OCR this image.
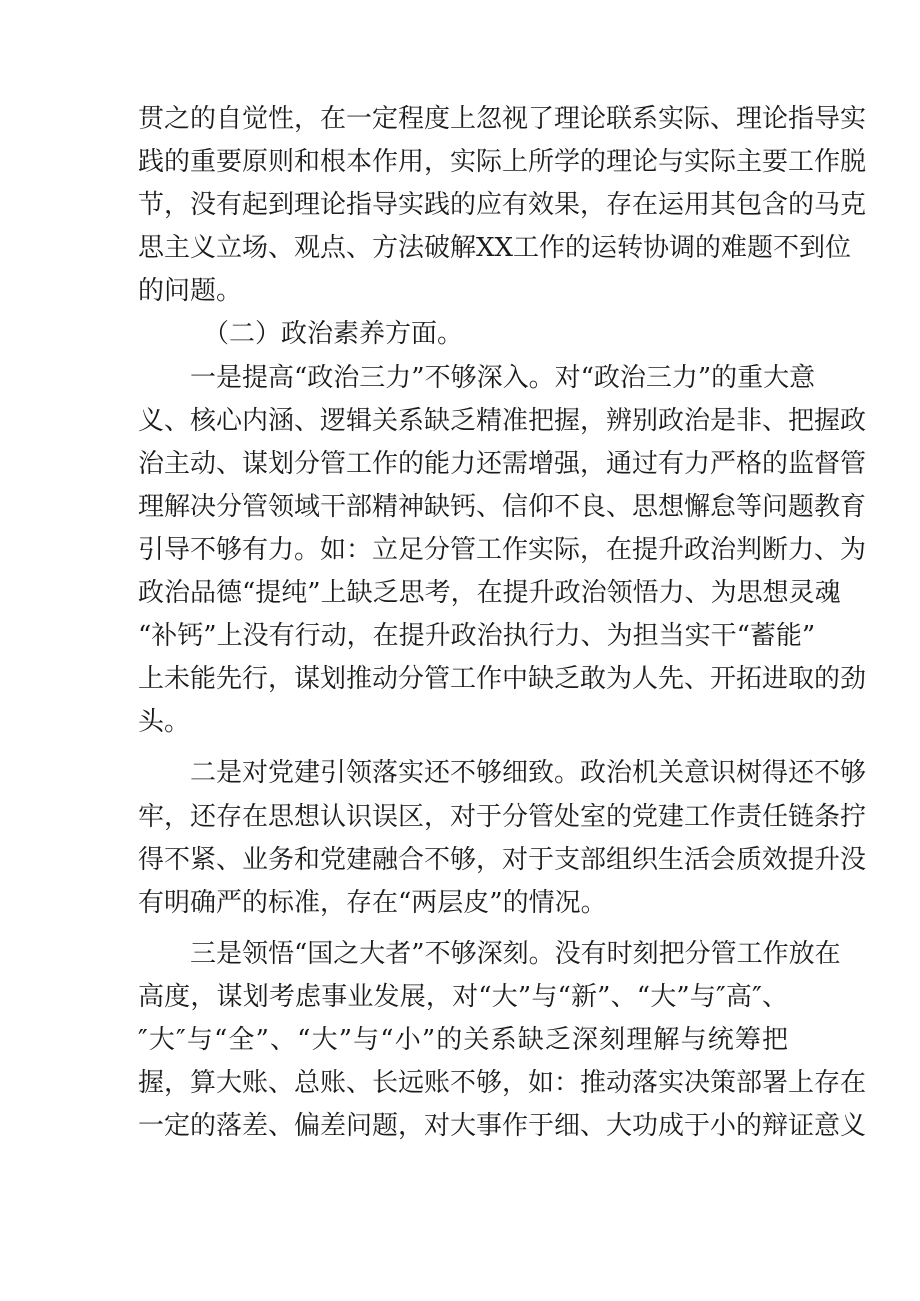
贯之的自觉性，在一定程度上忽视了理论联系实际、理论指导实
践的重要原则和根本作用，实际上所学的理论与实际主要工作脱
节，没有起到理论指导实践的应有效果，存在运用其包含的马克
思主义立场、观点、方法破解XX工作的运转协调的难题不到位
的问题。
（二）政治素养方面。
一是提高“政治三力”不够深入。对“政治三力”的重大意
义、核心内涵、逻辑关系缺乏精准把握，辨别政治是非、把握政
治主动、谋划分管工作的能力还需增强，通过有力严格的监督管
理解决分管领域干部精神缺钙、信仰不良、思想懈怠等问题教育
引导不够有力。如：立足分管工作实际，在提升政治判断力、为
政治品德“提纯”上缺乏思考，在提升政治领悟力、为思想灵魂
“补钙”上没有行动，在提升政治执行力、为担当实干“蓄能”
上未能先行，谋划推动分管工作中缺乏敢为人先、开拓进取的劲
头。
二是对党建引领落实还不够细致。政治机关意识树得还不够
牢，还存在思想认识误区，对于分管处室的党建工作责任链条拧
得不紧、业务和党建融合不够，对于支部组织生活会质效提升没
有明确严的标准，存在“两层皮”的情况。
三是领悟“国之大者”不够深刻。没有时刻把分管工作放在
高度，谋划考虑事业发展，对“大”与“新”、“大”与″高″、
″大″与“全”、“大”与“小”的关系缺乏深刻理解与统筹把
握，算大账、总账、长远账不够，如：推动落实决策部署上存在
一定的落差、偏差问题，对大事作于细、大功成于小的辩证意义
